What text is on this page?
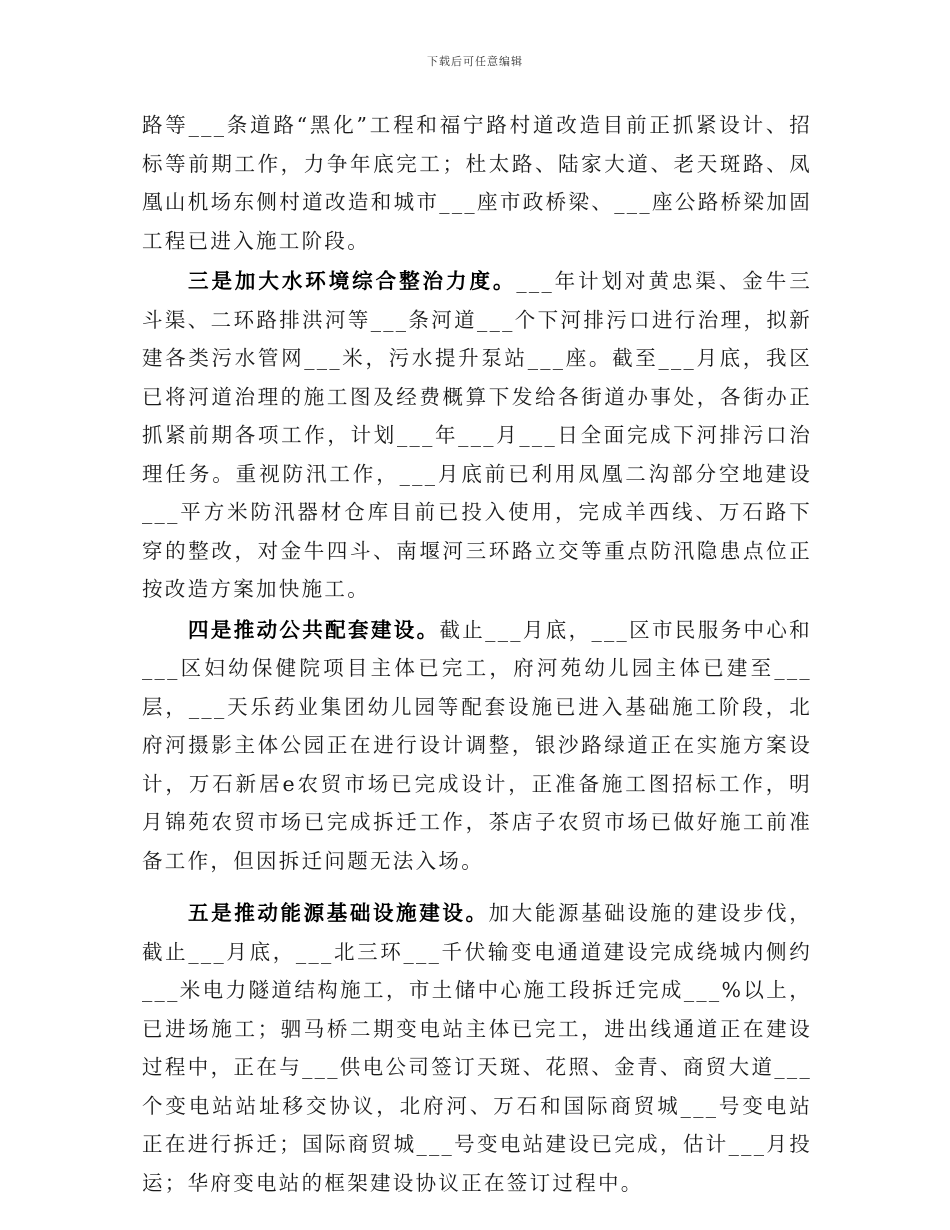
下载后可任意编辑

路等___条道路“黑化”工程和福宁路村道改造目前正抓紧设计、招标等前期工作，力争年底完工；杜太路、陆家大道、老天斑路、凤凰山机场东侧村道改造和城市___座市政桥梁、___座公路桥梁加固工程已进入施工阶段。

三是加大水环境综合整治力度。___年计划对黄忠渠、金牛三斗渠、二环路排洪河等___条河道___个下河排污口进行治理，拟新建各类污水管网___米，污水提升泵站___座。截至___月底，我区已将河道治理的施工图及经费概算下发给各街道办事处，各街办正抓紧前期各项工作，计划___年___月___日全面完成下河排污口治理任务。重视防汛工作，___月底前已利用凤凰二沟部分空地建设___平方米防汛器材仓库目前已投入使用，完成羊西线、万石路下穿的整改，对金牛四斗、南堰河三环路立交等重点防汛隐患点位正按改造方案加快施工。

四是推动公共配套建设。截止___月底，___区市民服务中心和___区妇幼保健院项目主体已完工，府河苑幼儿园主体已建至___层，___天乐药业集团幼儿园等配套设施已进入基础施工阶段，北府河摄影主体公园正在进行设计调整，银沙路绿道正在实施方案设计，万石新居e农贸市场已完成设计，正准备施工图招标工作，明月锦苑农贸市场已完成拆迁工作，茶店子农贸市场已做好施工前准备工作，但因拆迁问题无法入场。

五是推动能源基础设施建设。加大能源基础设施的建设步伐，截止___月底，___北三环___千伏输变电通道建设完成绕城内侧约___米电力隧道结构施工，市土储中心施工段拆迁完成___%以上，已进场施工；驷马桥二期变电站主体已完工，进出线通道正在建设过程中，正在与___供电公司签订天斑、花照、金青、商贸大道___个变电站站址移交协议，北府河、万石和国际商贸城___号变电站正在进行拆迁；国际商贸城___号变电站建设已完成，估计___月投运；华府变电站的框架建设协议正在签订过程中。
